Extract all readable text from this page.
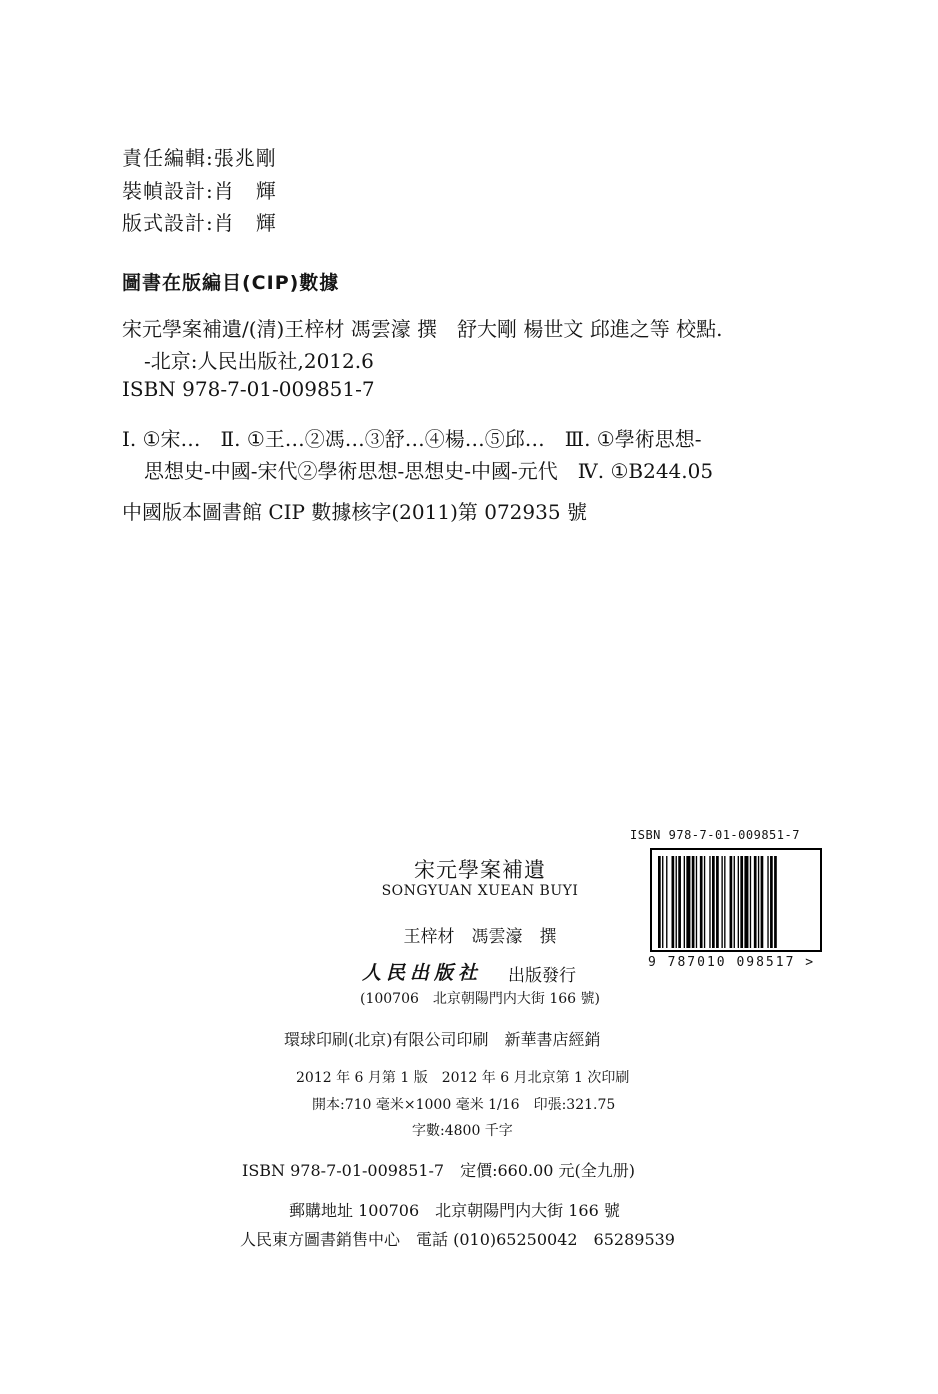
責任編輯:張兆剛
裝幀設計:肖　輝
版式設計:肖　輝
圖書在版編目(CIP)數據
宋元學案補遺/(清)王梓材 馮雲濠 撰　舒大剛 楊世文 邱進之等 校點.
-北京:人民出版社,2012.6
ISBN 978-7-01-009851-7
Ⅰ. ①宋…　Ⅱ. ①王…②馮…③舒…④楊…⑤邱…　Ⅲ. ①學術思想-
思想史-中國-宋代②學術思想-思想史-中國-元代　Ⅳ. ①B244.05
中國版本圖書館 CIP 數據核字(2011)第 072935 號
ISBN 978-7-01-009851-7
9 787010 098517 >
宋元學案補遺
SONGYUAN XUEAN BUYI
王梓材　馮雲濠　撰
人民出版社 出版發行
(100706　北京朝陽門内大街 166 號)
環球印刷(北京)有限公司印刷　新華書店經銷
2012 年 6 月第 1 版　2012 年 6 月北京第 1 次印刷
開本:710 毫米×1000 毫米 1/16　印張:321.75
字數:4800 千字
ISBN 978-7-01-009851-7　定價:660.00 元(全九册)
郵購地址 100706　北京朝陽門内大街 166 號
人民東方圖書銷售中心　電話 (010)65250042　65289539
